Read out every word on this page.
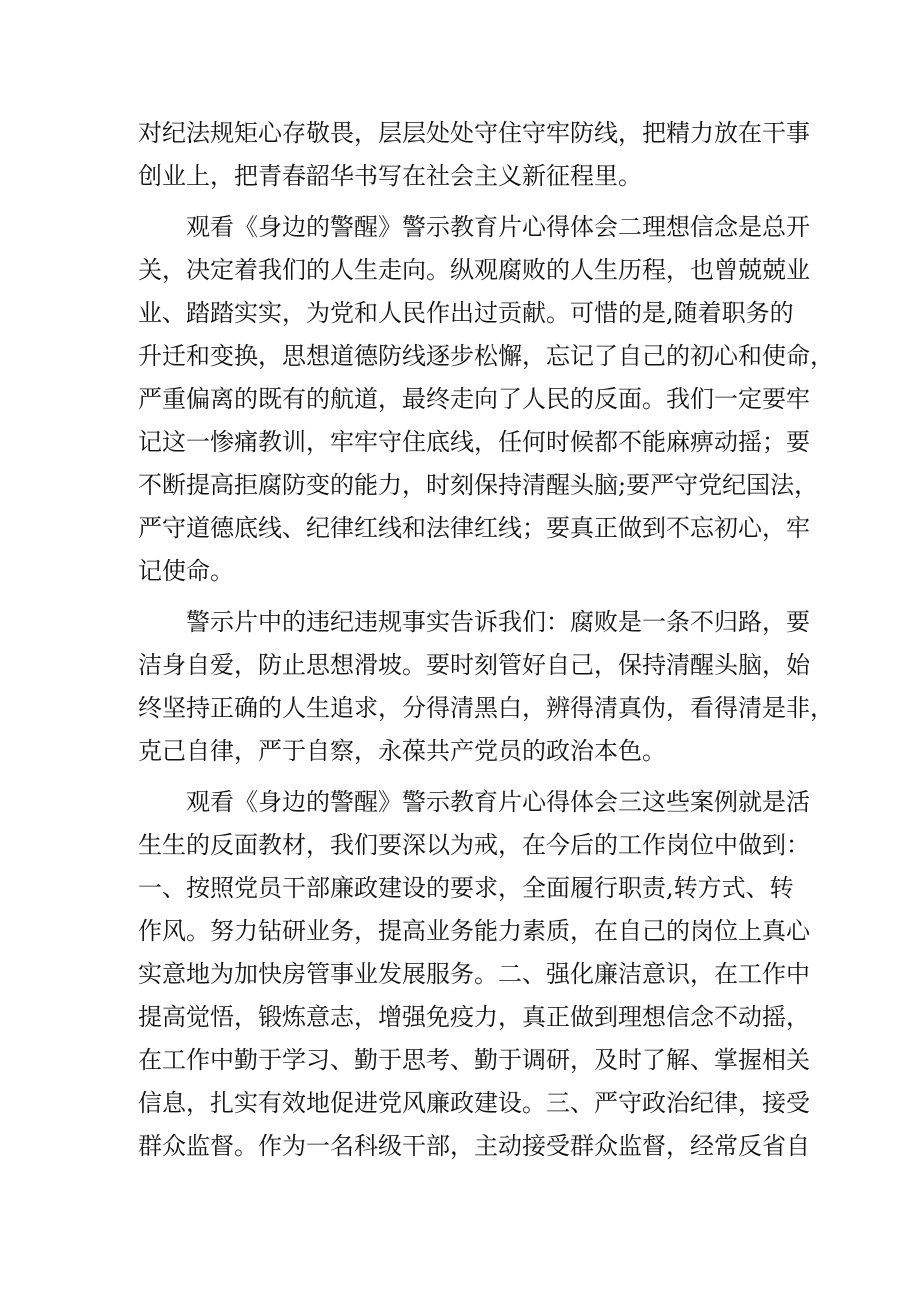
对纪法规矩心存敬畏，层层处处守住守牢防线，把精力放在干事
创业上，把青春韶华书写在社会主义新征程里。
观看《身边的警醒》警示教育片心得体会二理想信念是总开
关，决定着我们的人生走向。纵观腐败的人生历程，也曾兢兢业
业、踏踏实实，为党和人民作出过贡献。可惜的是,随着职务的
升迁和变换，思想道德防线逐步松懈，忘记了自己的初心和使命，
严重偏离的既有的航道，最终走向了人民的反面。我们一定要牢
记这一惨痛教训，牢牢守住底线，任何时候都不能麻痹动摇；要
不断提高拒腐防变的能力，时刻保持清醒头脑;要严守党纪国法，
严守道德底线、纪律红线和法律红线；要真正做到不忘初心，牢
记使命。
警示片中的违纪违规事实告诉我们：腐败是一条不归路，要
洁身自爱，防止思想滑坡。要时刻管好自己，保持清醒头脑，始
终坚持正确的人生追求，分得清黑白，辨得清真伪，看得清是非，
克己自律，严于自察，永葆共产党员的政治本色。
观看《身边的警醒》警示教育片心得体会三这些案例就是活
生生的反面教材，我们要深以为戒，在今后的工作岗位中做到：
一、按照党员干部廉政建设的要求，全面履行职责,转方式、转
作风。努力钻研业务，提高业务能力素质，在自己的岗位上真心
实意地为加快房管事业发展服务。二、强化廉洁意识，在工作中
提高觉悟，锻炼意志，增强免疫力，真正做到理想信念不动摇，
在工作中勤于学习、勤于思考、勤于调研，及时了解、掌握相关
信息，扎实有效地促进党风廉政建设。三、严守政治纪律，接受
群众监督。作为一名科级干部，主动接受群众监督，经常反省自
